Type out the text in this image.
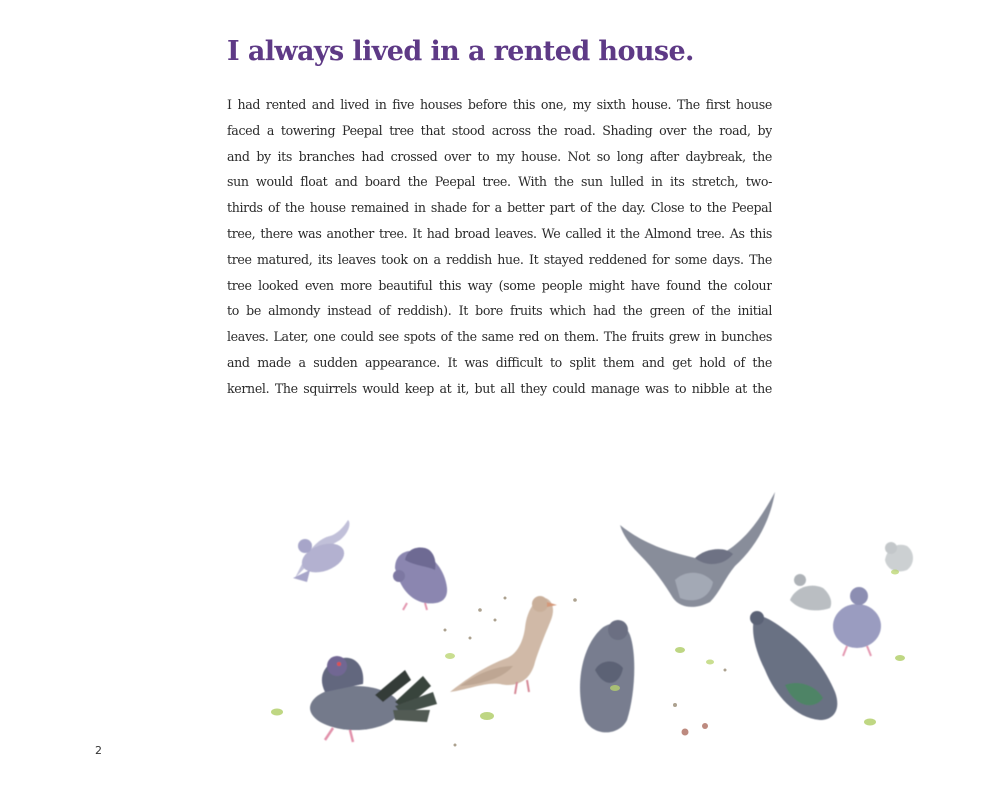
I always lived in a rented house.
I had rented and lived in five houses before this one, my sixth house. The first house
faced a towering Peepal tree that stood across the road. Shading over the road, by
and by its branches had crossed over to my house. Not so long after daybreak, the
sun would float and board the Peepal tree. With the sun lulled in its stretch, two-
thirds of the house remained in shade for a better part of the day. Close to the Peepal
tree, there was another tree. It had broad leaves. We called it the Almond tree. As this
tree matured, its leaves took on a reddish hue. It stayed reddened for some days. The
tree looked even more beautiful this way (some people might have found the colour
to be almondy instead of reddish). It bore fruits which had the green of the initial
leaves. Later, one could see spots of the same red on them. The fruits grew in bunches
and made a sudden appearance. It was difficult to split them and get hold of the
kernel. The squirrels would keep at it, but all they could manage was to nibble at the
2
